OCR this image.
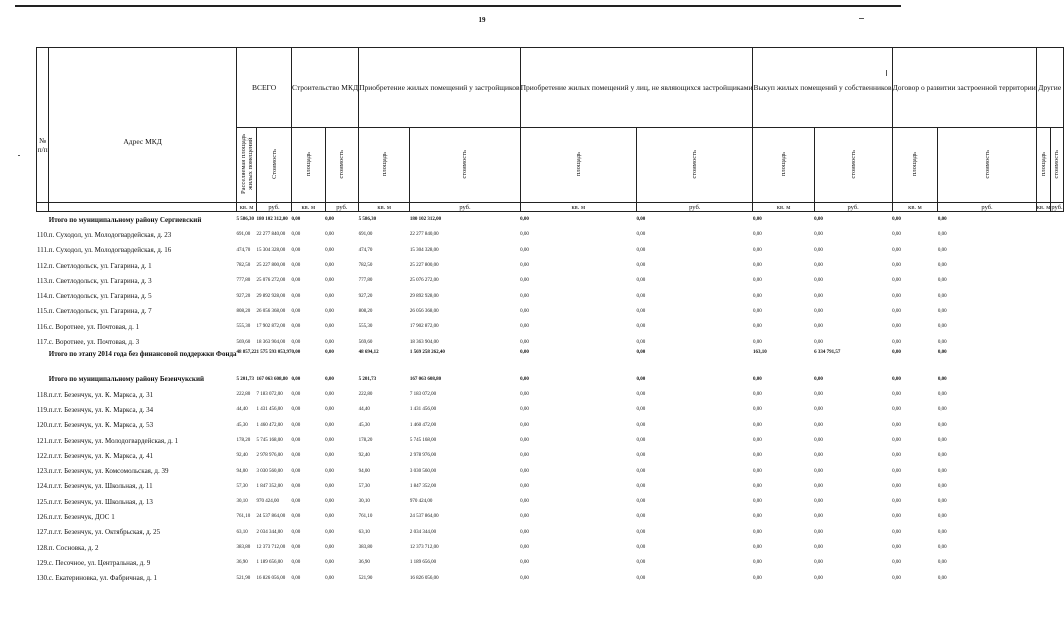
19
№ п/п	Адрес МКД	ВСЕГО		Строительство МКД		Приобретение жилых помещений у застройщиков		Приобретение жилых помещений у лиц, не являющихся застройщиками		Выкуп жилых помещений у собственников		Договор о развитии застроенной территории		Другие	
		Расселяемая площадь жилых помещений	Стоимость	площадь	стоимость	площадь	стоимость	площадь	стоимость	площадь	стоимость	площадь	стоимость	площадь	стоимость
		кв. м	руб.	кв. м	руб.	кв. м	руб.	кв. м	руб.	кв. м	руб.	кв. м	руб.	кв. м	руб.
	Итого по муниципальному району Сергиевский	5 586,30	180 102 312,00	0,00	0,00	5 586,30	180 102 312,00	0,00	0,00	0,00	0,00	0,00	0,00		
110.	п. Суходол, ул. Молодогвардейская, д. 23	691,00	22 277 840,00	0,00	0,00	691,00	22 277 840,00	0,00	0,00	0,00	0,00	0,00	0,00		
111.	п. Суходол, ул. Молодогвардейская, д. 16	474,70	15 304 328,00	0,00	0,00	474,70	15 304 328,00	0,00	0,00	0,00	0,00	0,00	0,00		
112.	п. Светлодольск, ул. Гагарина, д. 1	782,50	25 227 800,00	0,00	0,00	782,50	25 227 800,00	0,00	0,00	0,00	0,00	0,00	0,00		
113.	п. Светлодольск, ул. Гагарина, д. 3	777,80	25 076 272,00	0,00	0,00	777,80	25 076 272,00	0,00	0,00	0,00	0,00	0,00	0,00		
114.	п. Светлодольск, ул. Гагарина, д. 5	927,20	29 892 928,00	0,00	0,00	927,20	29 892 928,00	0,00	0,00	0,00	0,00	0,00	0,00		
115.	п. Светлодольск, ул. Гагарина, д. 7	808,20	26 056 368,00	0,00	0,00	808,20	26 056 368,00	0,00	0,00	0,00	0,00	0,00	0,00		
116.	с. Воротнее, ул. Почтовая, д. 1	555,30	17 902 872,00	0,00	0,00	555,30	17 902 872,00	0,00	0,00	0,00	0,00	0,00	0,00		
117.	с. Воротнее, ул. Почтовая, д. 3	569,60	18 363 904,00	0,00	0,00	569,60	18 363 904,00	0,00	0,00	0,00	0,00	0,00	0,00		
	Итого по этапу 2014 года без финансовой поддержки Фонда	48 857,22	1 575 593 053,97	0,00	0,00	48 694,12	1 569 258 262,40	0,00	0,00	163,10	6 334 791,57	0,00	0,00		
	Итого по муниципальному району Безенчукский	5 201,73	167 063 608,80	0,00	0,00	5 201,73	167 063 608,80	0,00	0,00	0,00	0,00	0,00	0,00		
118.	п.г.т. Безенчук, ул. К. Маркса, д. 31	222,80	7 183 072,00	0,00	0,00	222,80	7 183 072,00	0,00	0,00	0,00	0,00	0,00	0,00		
119.	п.г.т. Безенчук, ул. К. Маркса, д. 34	44,40	1 431 456,00	0,00	0,00	44,40	1 431 456,00	0,00	0,00	0,00	0,00	0,00	0,00		
120.	п.г.т. Безенчук, ул. К. Маркса, д. 53	45,30	1 460 472,00	0,00	0,00	45,30	1 460 472,00	0,00	0,00	0,00	0,00	0,00	0,00		
121.	п.г.т. Безенчук, ул. Молодогвардейская, д. 1	178,20	5 745 168,00	0,00	0,00	178,20	5 745 168,00	0,00	0,00	0,00	0,00	0,00	0,00		
122.	п.г.т. Безенчук, ул. К. Маркса, д. 41	92,40	2 978 976,00	0,00	0,00	92,40	2 978 976,00	0,00	0,00	0,00	0,00	0,00	0,00		
123.	п.г.т. Безенчук, ул. Комсомольская, д. 39	94,00	3 030 560,00	0,00	0,00	94,00	3 030 560,00	0,00	0,00	0,00	0,00	0,00	0,00		
124.	п.г.т. Безенчук, ул. Школьная, д. 11	57,30	1 847 352,00	0,00	0,00	57,30	1 847 352,00	0,00	0,00	0,00	0,00	0,00	0,00		
125.	п.г.т. Безенчук, ул. Школьная, д. 13	30,10	970 424,00	0,00	0,00	30,10	970 424,00	0,00	0,00	0,00	0,00	0,00	0,00		
126.	п.г.т. Безенчук, ДОС 1	761,10	24 537 864,00	0,00	0,00	761,10	24 537 864,00	0,00	0,00	0,00	0,00	0,00	0,00		
127.	п.г.т. Безенчук, ул. Октябрьская, д. 25	63,10	2 034 344,00	0,00	0,00	63,10	2 034 344,00	0,00	0,00	0,00	0,00	0,00	0,00		
128.	п. Сосновка, д. 2	383,80	12 373 712,00	0,00	0,00	383,80	12 373 712,00	0,00	0,00	0,00	0,00	0,00	0,00		
129.	с. Песочное, ул. Центральная, д. 9	36,90	1 189 656,00	0,00	0,00	36,90	1 189 656,00	0,00	0,00	0,00	0,00	0,00	0,00		
130.	с. Екатериновка, ул. Фабричная, д. 1	521,90	16 826 056,00	0,00	0,00	521,90	16 826 056,00	0,00	0,00	0,00	0,00	0,00	0,00		
